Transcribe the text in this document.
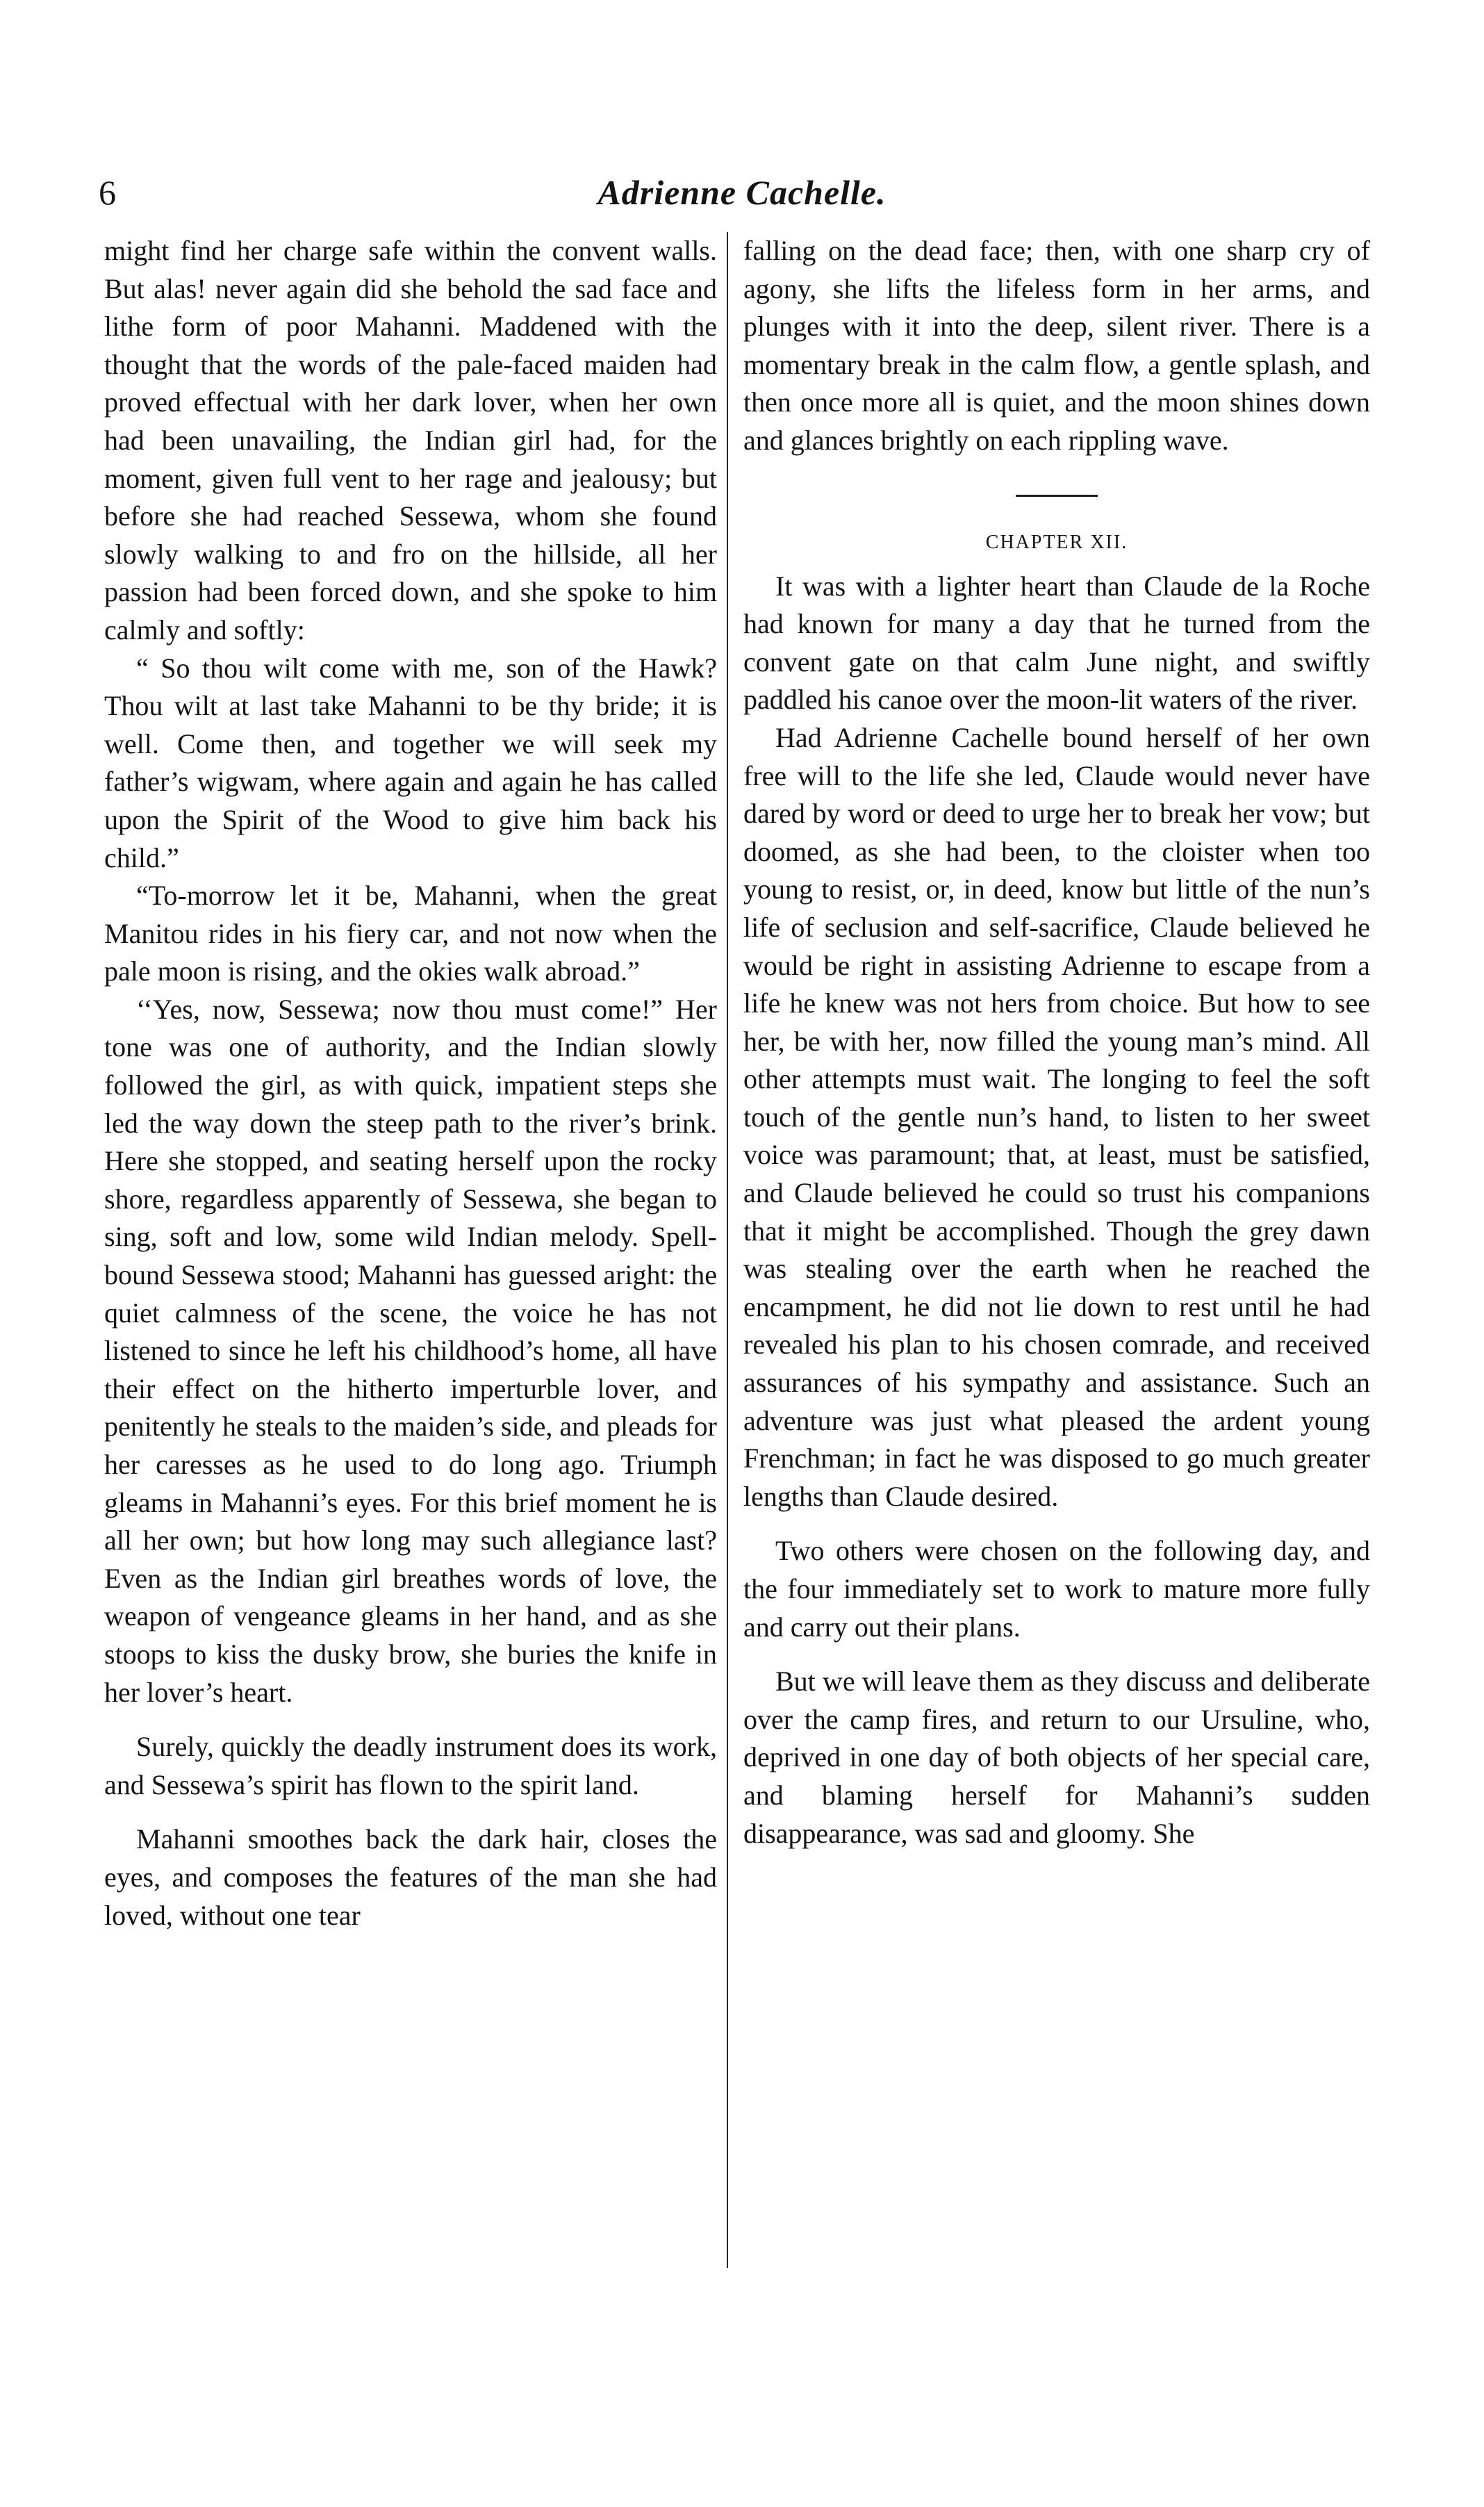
6	Adrienne Cachelle.

might find her charge safe within the convent walls. But alas! never again did she behold the sad face and lithe form of poor Mahanni. Maddened with the thought that the words of the pale-faced maiden had proved effectual with her dark lover, when her own had been unavailing, the Indian girl had, for the moment, given full vent to her rage and jealousy; but before she had reached Sessewa, whom she found slowly walking to and fro on the hillside, all her passion had been forced down, and she spoke to him calmly and softly:

“ So thou wilt come with me, son of the Hawk? Thou wilt at last take Mahanni to be thy bride; it is well. Come then, and together we will seek my father’s wigwam, where again and again he has called upon the Spirit of the Wood to give him back his child.”

“To-morrow let it be, Mahanni, when the great Manitou rides in his fiery car, and not now when the pale moon is rising, and the okies walk abroad.”

‘‘Yes, now, Sessewa; now thou must come!” Her tone was one of authority, and the Indian slowly followed the girl, as with quick, impatient steps she led the way down the steep path to the river’s brink. Here she stopped, and seating herself upon the rocky shore, regardless apparently of Sessewa, she began to sing, soft and low, some wild Indian melody. Spell-bound Sessewa stood; Mahanni has guessed aright: the quiet calmness of the scene, the voice he has not listened to since he left his childhood’s home, all have their effect on the hitherto imperturble lover, and penitently he steals to the maiden’s side, and pleads for her caresses as he used to do long ago. Triumph gleams in Mahanni’s eyes. For this brief moment he is all her own; but how long may such allegiance last? Even as the Indian girl breathes words of love, the weapon of vengeance gleams in her hand, and as she stoops to kiss the dusky brow, she buries the knife in her lover’s heart.

Surely, quickly the deadly instrument does its work, and Sessewa’s spirit has flown to the spirit land.

Mahanni smoothes back the dark hair, closes the eyes, and composes the features of the man she had loved, without one tear

falling on the dead face; then, with one sharp cry of agony, she lifts the lifeless form in her arms, and plunges with it into the deep, silent river. There is a momentary break in the calm flow, a gentle splash, and then once more all is quiet, and the moon shines down and glances brightly on each rippling wave.

CHAPTER XII.

It was with a lighter heart than Claude de la Roche had known for many a day that he turned from the convent gate on that calm June night, and swiftly paddled his canoe over the moon-lit waters of the river.

Had Adrienne Cachelle bound herself of her own free will to the life she led, Claude would never have dared by word or deed to urge her to break her vow; but doomed, as she had been, to the cloister when too young to resist, or, in deed, know but little of the nun’s life of seclusion and self-sacrifice, Claude believed he would be right in assisting Adrienne to escape from a life he knew was not hers from choice. But how to see her, be with her, now filled the young man’s mind. All other attempts must wait. The longing to feel the soft touch of the gentle nun’s hand, to listen to her sweet voice was paramount; that, at least, must be satisfied, and Claude believed he could so trust his companions that it might be accomplished. Though the grey dawn was stealing over the earth when he reached the encampment, he did not lie down to rest until he had revealed his plan to his chosen comrade, and received assurances of his sympathy and assistance. Such an adventure was just what pleased the ardent young Frenchman; in fact he was disposed to go much greater lengths than Claude desired.

Two others were chosen on the following day, and the four immediately set to work to mature more fully and carry out their plans.

But we will leave them as they discuss and deliberate over the camp fires, and return to our Ursuline, who, deprived in one day of both objects of her special care, and blaming herself for Mahanni’s sudden disappearance, was sad and gloomy. She
